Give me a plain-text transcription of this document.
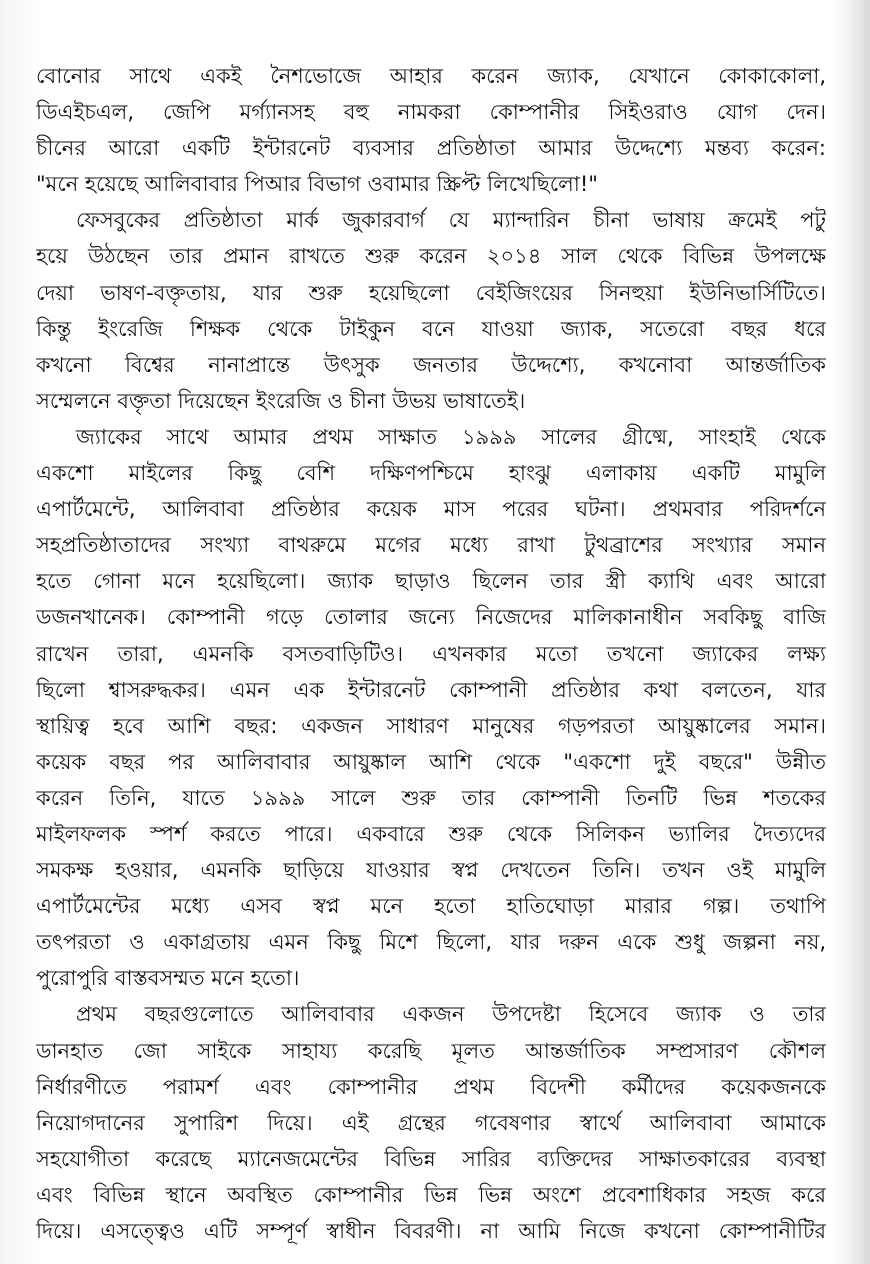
বোনোর সাথে একই নৈশভোজে আহার করেন জ্যাক, যেখানে কোকাকোলা,
ডিএইচএল, জেপি মর্গ্যানসহ বহু নামকরা কোম্পানীর সিইওরাও যোগ দেন।
চীনের আরো একটি ইন্টারনেট ব্যবসার প্রতিষ্ঠাতা আমার উদ্দেশ্যে মন্তব্য করেন:
"মনে হয়েছে আলিবাবার পিআর বিভাগ ওবামার স্ক্রিপ্ট লিখেছিলো!"
ফেসবুকের প্রতিষ্ঠাতা মার্ক জুকারবার্গ যে ম্যান্দারিন চীনা ভাষায় ক্রমেই পটু
হয়ে উঠছেন তার প্রমান রাখতে শুরু করেন ২০১৪ সাল থেকে বিভিন্ন উপলক্ষে
দেয়া ভাষণ-বক্তৃতায়, যার শুরু হয়েছিলো বেইজিংয়ের সিনহুয়া ইউনিভার্সিটিতে।
কিন্তু ইংরেজি শিক্ষক থেকে টাইকুন বনে যাওয়া জ্যাক, সতেরো বছর ধরে
কখনো বিশ্বের নানাপ্রান্তে উৎসুক জনতার উদ্দেশ্যে, কখনোবা আন্তর্জাতিক
সম্মেলনে বক্তৃতা দিয়েছেন ইংরেজি ও চীনা উভয় ভাষাতেই।
জ্যাকের সাথে আমার প্রথম সাক্ষাত ১৯৯৯ সালের গ্রীষ্মে, সাংহাই থেকে
একশো মাইলের কিছু বেশি দক্ষিণপশ্চিমে হাংঝু এলাকায় একটি মামুলি
এপার্টমেন্টে, আলিবাবা প্রতিষ্ঠার কয়েক মাস পরের ঘটনা। প্রথমবার পরিদর্শনে
সহপ্রতিষ্ঠাতাদের সংখ্যা বাথরুমে মগের মধ্যে রাখা টুথব্রাশের সংখ্যার সমান
হতে গোনা মনে হয়েছিলো। জ্যাক ছাড়াও ছিলেন তার স্ত্রী ক্যাথি এবং আরো
ডজনখানেক। কোম্পানী গড়ে তোলার জন্যে নিজেদের মালিকানাধীন সবকিছু বাজি
রাখেন তারা, এমনকি বসতবাড়িটিও। এখনকার মতো তখনো জ্যাকের লক্ষ্য
ছিলো শ্বাসরুদ্ধকর। এমন এক ইন্টারনেট কোম্পানী প্রতিষ্ঠার কথা বলতেন, যার
স্থায়িত্ব হবে আশি বছর: একজন সাধারণ মানুষের গড়পরতা আয়ুষ্কালের সমান।
কয়েক বছর পর আলিবাবার আয়ুষ্কাল আশি থেকে "একশো দুই বছরে" উন্নীত
করেন তিনি, যাতে ১৯৯৯ সালে শুরু তার কোম্পানী তিনটি ভিন্ন শতকের
মাইলফলক স্পর্শ করতে পারে। একবারে শুরু থেকে সিলিকন ভ্যালির দৈত্যদের
সমকক্ষ হওয়ার, এমনকি ছাড়িয়ে যাওয়ার স্বপ্ন দেখতেন তিনি। তখন ওই মামুলি
এপার্টমেন্টের মধ্যে এসব স্বপ্ন মনে হতো হাতিঘোড়া মারার গল্প। তথাপি
তৎপরতা ও একাগ্রতায় এমন কিছু মিশে ছিলো, যার দরুন একে শুধু জল্পনা নয়,
পুরোপুরি বাস্তবসম্মত মনে হতো।
প্রথম বছরগুলোতে আলিবাবার একজন উপদেষ্টা হিসেবে জ্যাক ও তার
ডানহাত জো সাইকে সাহায্য করেছি মূলত আন্তর্জাতিক সম্প্রসারণ কৌশল
নির্ধারণীতে পরামর্শ এবং কোম্পানীর প্রথম বিদেশী কর্মীদের কয়েকজনকে
নিয়োগদানের সুপারিশ দিয়ে। এই গ্রন্থের গবেষণার স্বার্থে আলিবাবা আমাকে
সহযোগীতা করেছে ম্যানেজমেন্টের বিভিন্ন সারির ব্যক্তিদের সাক্ষাতকারের ব্যবস্থা
এবং বিভিন্ন স্থানে অবস্থিত কোম্পানীর ভিন্ন ভিন্ন অংশে প্রবেশাধিকার সহজ করে
দিয়ে। এসত্ত্বেও এটি সম্পূর্ণ স্বাধীন বিবরণী। না আমি নিজে কখনো কোম্পানীটির
